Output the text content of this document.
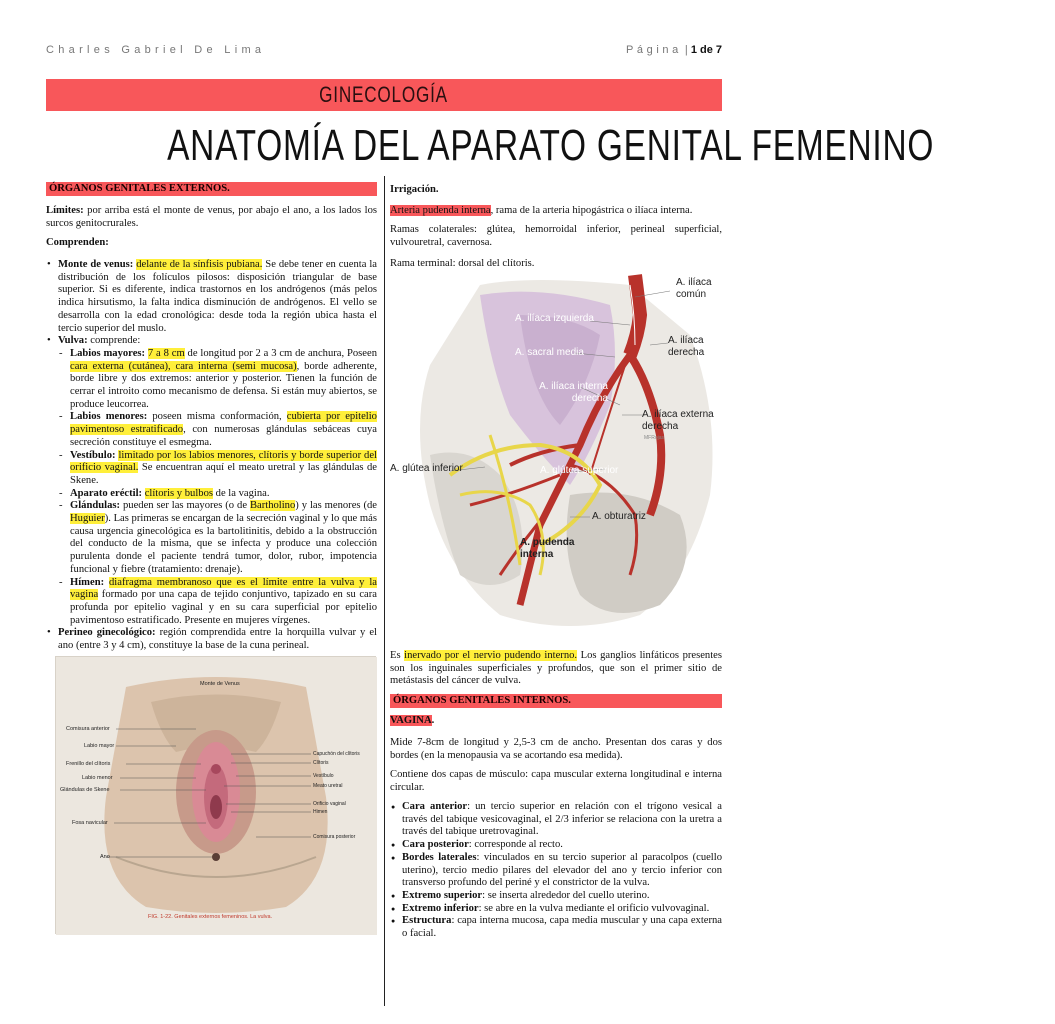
Charles Gabriel De Lima	Página | 1 de 7
GINECOLOGÍA
ANATOMÍA DEL APARATO GENITAL FEMENINO
ÓRGANOS GENITALES EXTERNOS.
Límites: por arriba está el monte de venus, por abajo el ano, a los lados los surcos genitocrurales.
Comprenden:
• Monte de venus: delante de la sínfisis pubiana. Se debe tener en cuenta la distribución de los folículos pilosos: disposición triangular de base superior. Si es diferente, indica trastornos en los andrógenos (más pelos indica hirsutismo, la falta indica disminución de andrógenos. El vello se desarrolla con la edad cronológica: desde toda la región ubica hasta el tercio superior del muslo.
• Vulva: comprende:
- Labios mayores: 7 a 8 cm de longitud por 2 a 3 cm de anchura, Poseen cara externa (cutánea), cara interna (semi mucosa), borde adherente, borde libre y dos extremos: anterior y posterior. Tienen la función de cerrar el introito como mecanismo de defensa. Si están muy abiertos, se produce leucorrea.
- Labios menores: poseen misma conformación, cubierta por epitelio pavimentoso estratificado, con numerosas glándulas sebáceas cuya secreción constituye el esmegma.
- Vestíbulo: limitado por los labios menores, clítoris y borde superior del orificio vaginal. Se encuentran aquí el meato uretral y las glándulas de Skene.
- Aparato eréctil: clítoris y bulbos de la vagina.
- Glándulas: pueden ser las mayores (o de Bartholino) y las menores (de Huguier). Las primeras se encargan de la secreción vaginal y lo que más causa urgencia ginecológica es la bartolitinitis, debido a la obstrucción del conducto de la misma, que se infecta y produce una colección purulenta donde el paciente tendrá tumor, dolor, rubor, impotencia funcional y fiebre (tratamiento: drenaje).
- Hímen: diafragma membranoso que es el límite entre la vulva y la vagina formado por una capa de tejido conjuntivo, tapizado en su cara profunda por epitelio vaginal y en su cara superficial por epitelio pavimentoso estratificado. Presente en mujeres vírgenes.
• Perineo ginecológico: región comprendida entre la horquilla vulvar y el ano (entre 3 y 4 cm), constituye la base de la cuna perineal.
Monte de Venus
Comisura anterior
Labio mayor
Frenillo del clítoris
Labio menor
Glándulas de Skene
Fosa navicular
Ano
Capuchón del clítoris
Clítoris
Vestíbulo
Meato uretral
Orificio vaginal
Himen
Comisura posterior
FIG. 1-22. Genitales externos femeninos. La vulva.
Irrigación.
Arteria pudenda interna, rama de la arteria hipogástrica o ilíaca interna.
Ramas colaterales: glútea, hemorroidal inferior, perineal superficial, vulvouretral, cavernosa.
Rama terminal: dorsal del clítoris.
A. ilíaca común
A. ilíaca izquierda
A. ilíaca derecha
A. sacral media
A. ilíaca interna derecha
A. ilíaca externa derecha
A. glútea inferior	A. glútea superior
MFRojas
A. obturatriz
A. pudenda interna
Es inervado por el nervio pudendo interno. Los ganglios linfáticos presentes son los inguinales superficiales y profundos, que son el primer sitio de metástasis del cáncer de vulva.
ÓRGANOS GENITALES INTERNOS.
VAGINA.
Mide 7-8cm de longitud y 2,5-3 cm de ancho. Presentan dos caras y dos bordes (en la menopausia va se acortando esa medida).
Contiene dos capas de músculo: capa muscular externa longitudinal e interna circular.
● Cara anterior: un tercio superior en relación con el trígono vesical a través del tabique vesicovaginal, el 2/3 inferior se relaciona con la uretra a través del tabique uretrovaginal.
● Cara posterior: corresponde al recto.
● Bordes laterales: vinculados en su tercio superior al paracolpos (cuello uterino), tercio medio pilares del elevador del ano y tercio inferior con transverso profundo del periné y el constrictor de la vulva.
● Extremo superior: se inserta alrededor del cuello uterino.
● Extremo inferior: se abre en la vulva mediante el orificio vulvovaginal.
● Estructura: capa interna mucosa, capa media muscular y una capa externa o facial.
